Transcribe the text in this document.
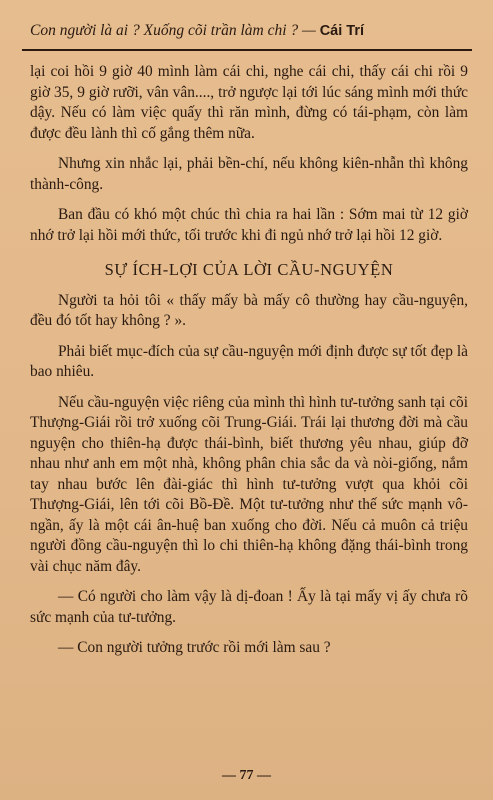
Con người là ai ? Xuống cõi trần làm chi ? — Cái Trí

lại coi hồi 9 giờ 40 mình làm cái chi, nghe cái chi, thấy cái chi rồi 9 giờ 35, 9 giờ rưỡi, vân vân...., trở ngược lại tới lúc sáng mình mới thức dậy. Nếu có làm việc quấy thì răn mình, đừng có tái-phạm, còn làm được đều lành thì cố gắng thêm nữa.

Nhưng xin nhắc lại, phải bền-chí, nếu không kiên-nhẫn thì không thành-công.

Ban đầu có khó một chúc thì chia ra hai lần : Sớm mai từ 12 giờ nhớ trở lại hồi mới thức, tối trước khi đi ngủ nhớ trở lại hồi 12 giờ.

SỰ ÍCH-LỢI CỦA LỜI CẦU-NGUYỆN

Người ta hỏi tôi « thấy mấy bà mấy cô thường hay cầu-nguyện, đều đó tốt hay không ? ».

Phải biết mục-đích của sự cầu-nguyện mới định được sự tốt đẹp là bao nhiêu.

Nếu cầu-nguyện việc riêng của mình thì hình tư-tưởng sanh tại cõi Thượng-Giái rồi trở xuống cõi Trung-Giái. Trái lại thương đời mà cầu nguyện cho thiên-hạ được thái-bình, biết thương yêu nhau, giúp đỡ nhau như anh em một nhà, không phân chia sắc da và nòi-giống, nắm tay nhau bước lên đài-giác thì hình tư-tưởng vượt qua khỏi cõi Thượng-Giái, lên tới cõi Bồ-Đề. Một tư-tưởng như thế sức mạnh vô-ngần, ấy là một cái ân-huệ ban xuống cho đời. Nếu cả muôn cả triệu người đồng cầu-nguyện thì lo chi thiên-hạ không đặng thái-bình trong vài chục năm đây.

— Có người cho làm vậy là dị-đoan ! Ấy là tại mấy vị ấy chưa rõ sức mạnh của tư-tưởng.

— Con người tưởng trước rồi mới làm sau ?

— 77 —
